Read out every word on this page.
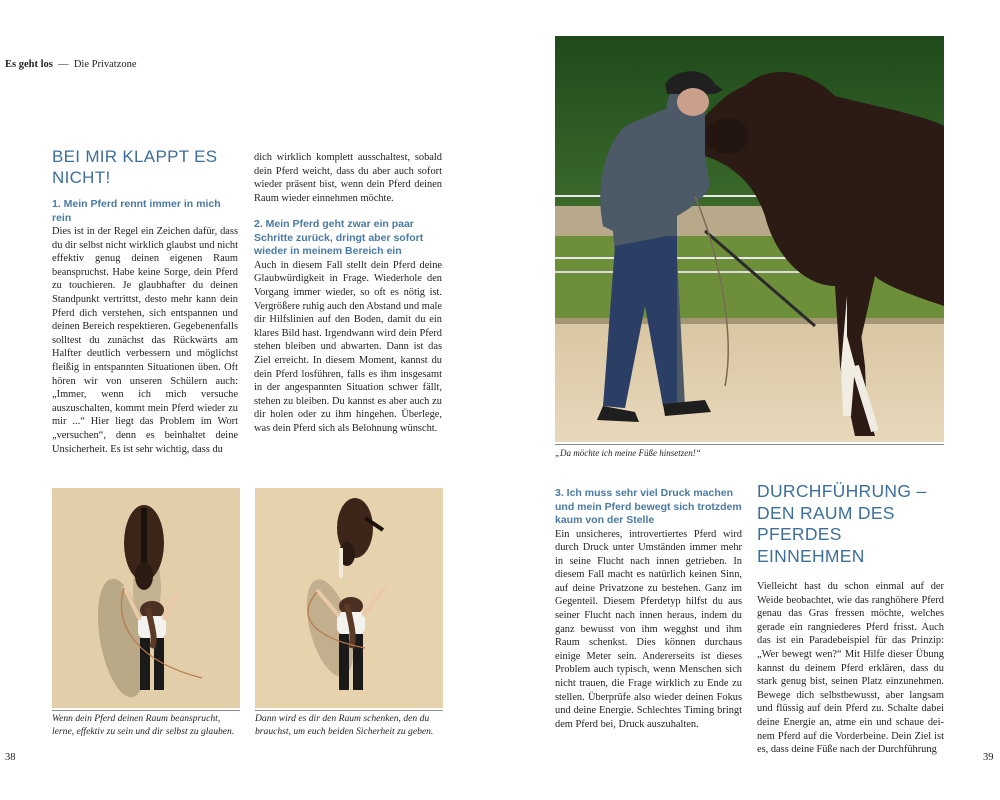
Es geht los — Die Privatzone
BEI MIR KLAPPT ES NICHT!
1. Mein Pferd rennt immer in mich rein

Dies ist in der Regel ein Zeichen dafür, dass du dir selbst nicht wirklich glaubst und nicht effektiv genug deinen eigenen Raum beanspruchst. Habe keine Sorge, dein Pferd zu touchieren. Je glaubhafter du deinen Standpunkt vertrittst, desto mehr kann dein Pferd dich verstehen, sich entspannen und deinen Bereich respektieren. Gegebenenfalls solltest du zunächst das Rückwärts am Halfter deutlich verbessern und möglichst fleißig in entspannten Situationen üben. Oft hören wir von unseren Schülern auch: „Immer, wenn ich mich versuche auszuschalten, kommt mein Pferd wieder zu mir ...“ Hier liegt das Problem im Wort „versuchen“, denn es beinhaltet deine Unsicherheit. Es ist sehr wichtig, dass du

dich wirklich komplett ausschaltest, sobald dein Pferd weicht, dass du aber auch sofort wieder präsent bist, wenn dein Pferd deinen Raum wieder einnehmen möchte.

2. Mein Pferd geht zwar ein paar Schritte zurück, dringt aber sofort wieder in meinem Bereich ein

Auch in diesem Fall stellt dein Pferd deine Glaubwürdigkeit in Frage. Wiederhole den Vorgang immer wieder, so oft es nötig ist. Vergrößere ruhig auch den Abstand und male dir Hilfslinien auf den Boden, damit du ein klares Bild hast. Irgendwann wird dein Pferd stehen bleiben und abwarten. Dann ist das Ziel erreicht. In diesem Moment, kannst du dein Pferd losführen, falls es ihm insgesamt in der angespannten Situation schwer fällt, stehen zu bleiben. Du kannst es aber auch zu dir holen oder zu ihm hingehen. Überlege, was dein Pferd sich als Belohnung wünscht.

Wenn dein Pferd deinen Raum beansprucht, lerne, effektiv zu sein und dir selbst zu glauben.

Dann wird es dir den Raum schenken, den du brauchst, um euch beiden Sicherheit zu geben.

38

„Da möchte ich meine Füße hinsetzen!“

3. Ich muss sehr viel Druck machen und mein Pferd bewegt sich trotzdem kaum von der Stelle

Ein unsicheres, introvertiertes Pferd wird durch Druck unter Umständen immer mehr in seine Flucht nach innen getrieben. In diesem Fall macht es natürlich keinen Sinn, auf deine Privatzone zu bestehen. Ganz im Gegenteil. Diesem Pferdetyp hilfst du aus seiner Flucht nach innen heraus, indem du ganz bewusst von ihm wegghst und ihm Raum schenkst. Dies können durchaus einige Meter sein. Andererseits ist dieses Problem auch typisch, wenn Menschen sich nicht trauen, die Frage wirklich zu Ende zu stellen. Überprüfe also wieder deinen Fokus und deine Energie. Schlechtes Timing bringt dem Pferd bei, Druck auszuhalten.

DURCHFÜHRUNG – DEN RAUM DES PFERDES EINNEHMEN

Vielleicht hast du schon einmal auf der Weide beobachtet, wie das ranghöhere Pferd genau das Gras fressen möchte, welches gerade ein rangniederes Pferd frisst. Auch das ist ein Paradebeispiel für das Prinzip: „Wer bewegt wen?“ Mit Hilfe dieser Übung kannst du deinem Pferd erklären, dass du stark genug bist, seinen Platz einzunehmen. Bewege dich selbstbewusst, aber langsam und flüssig auf dein Pferd zu. Schalte dabei deine Energie an, atme ein und schaue deinem Pferd auf die Vorderbeine. Dein Ziel ist es, dass deine Füße nach der Durchführung

39
